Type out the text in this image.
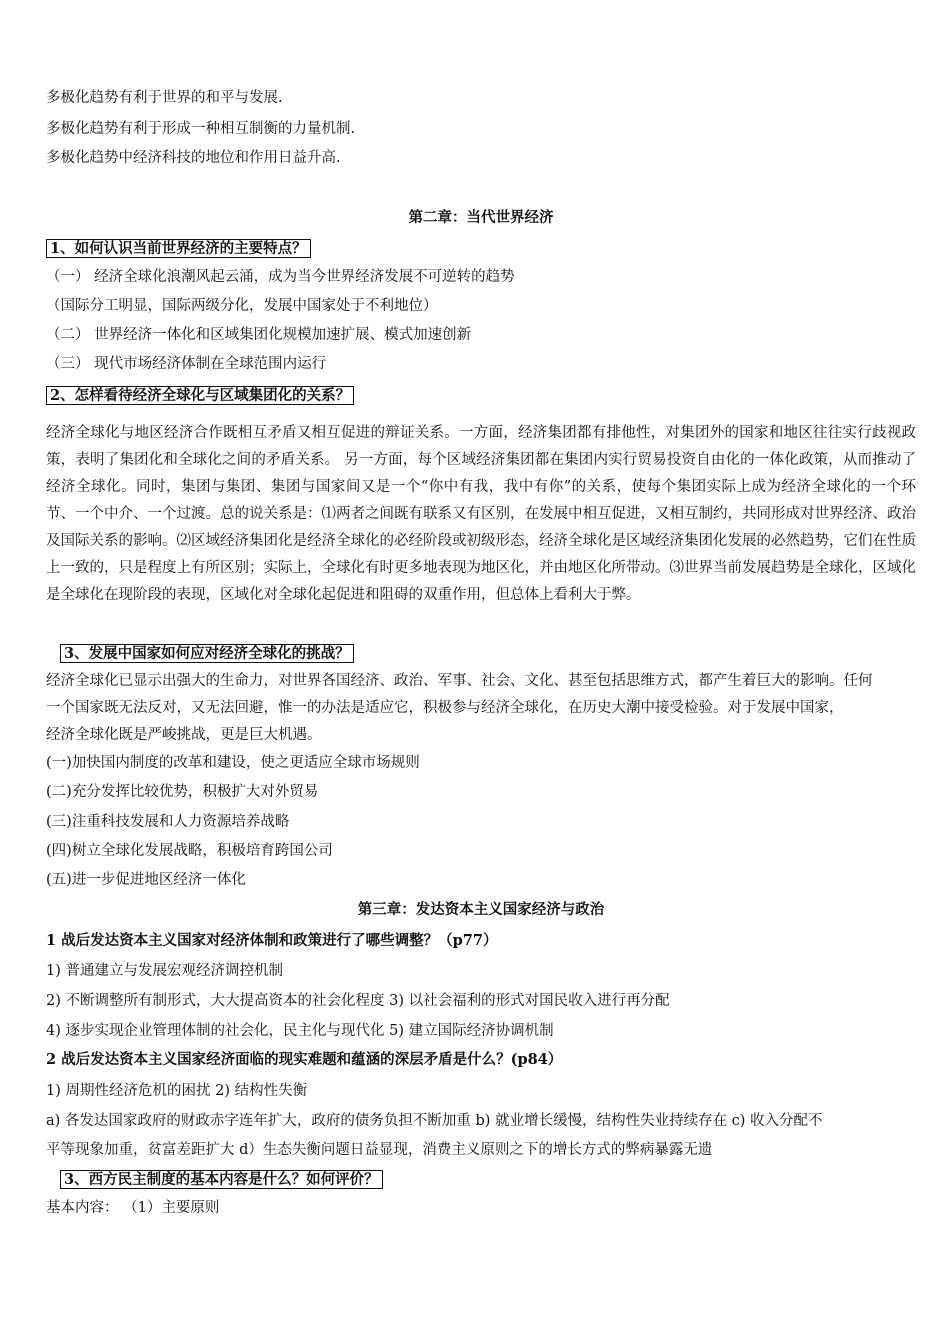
多极化趋势有利于世界的和平与发展.
多极化趋势有利于形成一种相互制衡的力量机制.
多极化趋势中经济科技的地位和作用日益升高.
第二章：当代世界经济
1、如何认识当前世界经济的主要特点？
（一） 经济全球化浪潮风起云涌，成为当今世界经济发展不可逆转的趋势
（国际分工明显，国际两级分化，发展中国家处于不利地位）
（二） 世界经济一体化和区域集团化规模加速扩展、模式加速创新
（三） 现代市场经济体制在全球范围内运行
2、怎样看待经济全球化与区域集团化的关系？
经济全球化与地区经济合作既相互矛盾又相互促进的辩证关系。一方面，经济集团都有排他性，对集团外的国家和地区往往实行歧视政策，表明了集团化和全球化之间的矛盾关系。 另一方面，每个区域经济集团都在集团内实行贸易投资自由化的一体化政策，从而推动了经济全球化。同时，集团与集团、集团与国家间又是一个“你中有我，我中有你”的关系，使每个集团实际上成为经济全球化的一个环节、一个中介、一个过渡。总的说关系是：⑴两者之间既有联系又有区别，在发展中相互促进，又相互制约，共同形成对世界经济、政治及国际关系的影响。⑵区域经济集团化是经济全球化的必经阶段或初级形态，经济全球化是区域经济集团化发展的必然趋势，它们在性质上一致的，只是程度上有所区别；实际上，全球化有时更多地表现为地区化，并由地区化所带动。⑶世界当前发展趋势是全球化，区域化是全球化在现阶段的表现，区域化对全球化起促进和阻碍的双重作用，但总体上看利大于弊。
3、发展中国家如何应对经济全球化的挑战？
经济全球化已显示出强大的生命力，对世界各国经济、政治、军事、社会、文化、甚至包括思维方式，都产生着巨大的影响。任何
一个国家既无法反对，又无法回避，惟一的办法是适应它，积极参与经济全球化，在历史大潮中接受检验。对于发展中国家，
经济全球化既是严峻挑战，更是巨大机遇。
(一)加快国内制度的改革和建设，使之更适应全球市场规则
(二)充分发挥比较优势，积极扩大对外贸易
(三)注重科技发展和人力资源培养战略
(四)树立全球化发展战略，积极培育跨国公司
(五)进一步促进地区经济一体化
第三章：发达资本主义国家经济与政治
1 战后发达资本主义国家对经济体制和政策进行了哪些调整？（p77）
1) 普通建立与发展宏观经济调控机制
2) 不断调整所有制形式，大大提高资本的社会化程度 3) 以社会福利的形式对国民收入进行再分配
4) 逐步实现企业管理体制的社会化，民主化与现代化 5) 建立国际经济协调机制
2 战后发达资本主义国家经济面临的现实难题和蕴涵的深层矛盾是什么？(p84）
1) 周期性经济危机的困扰 2) 结构性失衡
a) 各发达国家政府的财政赤字连年扩大，政府的债务负担不断加重 b) 就业增长缓慢，结构性失业持续存在 c) 收入分配不
平等现象加重，贫富差距扩大 d）生态失衡问题日益显现，消费主义原则之下的增长方式的弊病暴露无遗
3、西方民主制度的基本内容是什么？如何评价？
基本内容： （1）主要原则
